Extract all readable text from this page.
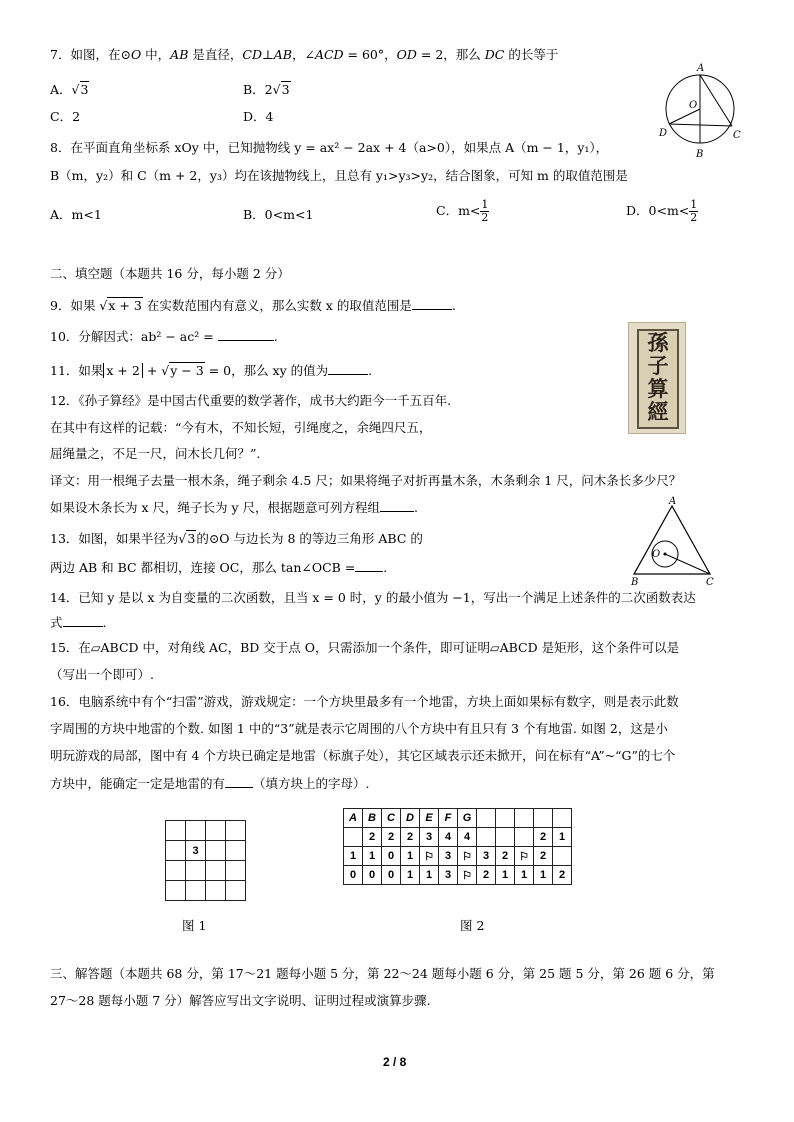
7．如图，在⊙O 中，AB 是直径，CD⊥AB，∠ACD = 60°，OD = 2，那么 DC 的长等于
A．√3	B．2√3
C．2	D．4
A
O
D	C
B
8．在平面直角坐标系 xOy 中，已知抛物线 y = ax² − 2ax + 4（a>0），如果点 A（m − 1，y₁），
B（m，y₂）和 C（m + 2，y₃）均在该抛物线上，且总有 y₁>y₃>y₂，结合图象，可知 m 的取值范围是
A．m<1	B．0<m<1	C．$m< \frac{1}{2}$	D．$0<m< \frac{1}{2}$
二、填空题（本题共 16 分，每小题 2 分）
9．如果 √x + 3 在实数范围内有意义，那么实数 x 的取值范围是	.
10．分解因式：ab² − ac² =	.
11．如果 x + 2 + √y − 3 = 0，那么 xy 的值为	.
12．《孙子算经》是中国古代重要的数学著作，成书大约距今一千五百年.
在其中有这样的记载：“今有木，不知长短，引绳度之，余绳四尺五，
屈绳量之，不足一尺，问木长几何？”.
译文：用一根绳子去量一根木条，绳子剩余 4.5 尺；如果将绳子对折再量木条，木条剩余 1 尺，问木条长多少尺？
如果设木条长为 x 尺，绳子长为 y 尺，根据题意可列方程组	.
孫
子
算
經
13．如图，如果半径为√3的⊙O 与边长为 8 的等边三角形 ABC 的
两边 AB 和 BC 都相切，连接 OC，那么 tan∠OCB = .
A
O
B	C
14．已知 y 是以 x 为自变量的二次函数，且当 x = 0 时，y 的最小值为 −1，写出一个满足上述条件的二次函数表达
式	.
15．在▱ABCD 中，对角线 AC，BD 交于点 O，只需添加一个条件，即可证明▱ABCD 是矩形，这个条件可以是
（写出一个即可）.
16．电脑系统中有个“扫雷”游戏，游戏规定：一个方块里最多有一个地雷，方块上面如果标有数字，则是表示此数
字周围的方块中地雷的个数. 如图 1 中的“3”就是表示它周围的八个方块中有且只有 3 个有地雷. 如图 2，这是小
明玩游戏的局部，图中有 4 个方块已确定是地雷（标旗子处），其它区域表示还未掀开，问在标有“A”~“G”的七个
方块中，能确定一定是地雷的有 （填方块上的字母）.

	3		

图 1
A	B	C	D	E	F	G					
	2	2	2	3	4	4				2	1
1	1	0	1	⚐	3	⚐	3	2	⚐	2	
0	0	0	1	1	3	⚐	2	1	1	1	2
图 2
三、解答题（本题共 68 分，第 17～21 题每小题 5 分，第 22～24 题每小题 6 分，第 25 题 5 分，第 26 题 6 分，第
27～28 题每小题 7 分）解答应写出文字说明、证明过程或演算步骤.
2 / 8
